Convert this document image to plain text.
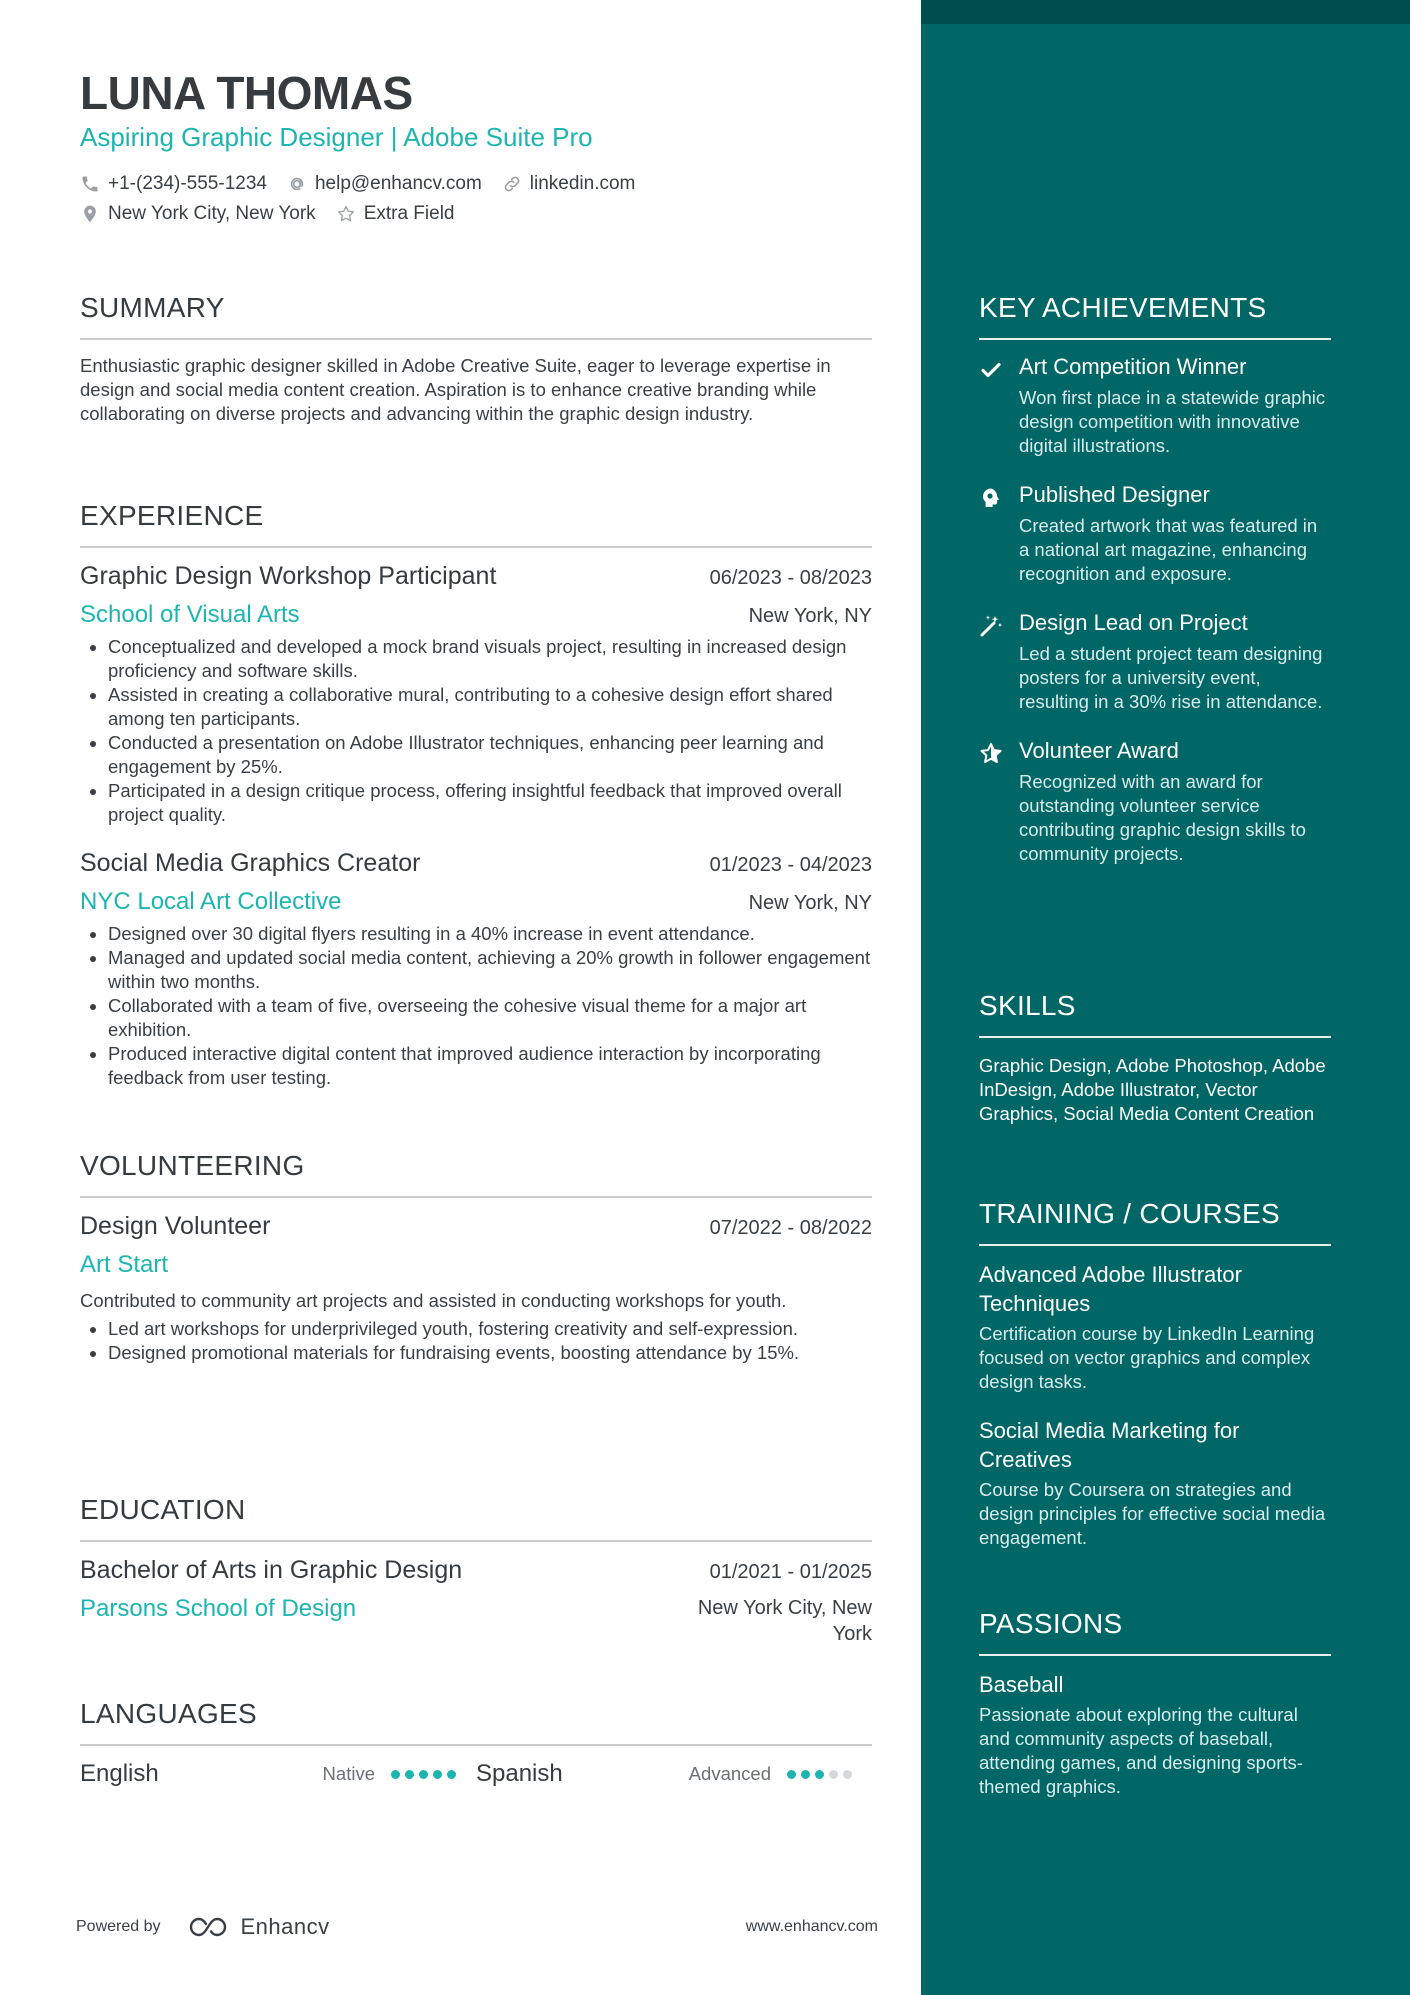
LUNA THOMAS
Aspiring Graphic Designer | Adobe Suite Pro
+1-(234)-555-1234	help@enhancv.com	linkedin.com
New York City, New York	Extra Field
SUMMARY
Enthusiastic graphic designer skilled in Adobe Creative Suite, eager to leverage expertise in design and social media content creation. Aspiration is to enhance creative branding while collaborating on diverse projects and advancing within the graphic design industry.
EXPERIENCE
Graphic Design Workshop Participant	06/2023 - 08/2023
School of Visual Arts	New York, NY
Conceptualized and developed a mock brand visuals project, resulting in increased design proficiency and software skills.
Assisted in creating a collaborative mural, contributing to a cohesive design effort shared among ten participants.
Conducted a presentation on Adobe Illustrator techniques, enhancing peer learning and engagement by 25%.
Participated in a design critique process, offering insightful feedback that improved overall project quality.
Social Media Graphics Creator	01/2023 - 04/2023
NYC Local Art Collective	New York, NY
Designed over 30 digital flyers resulting in a 40% increase in event attendance.
Managed and updated social media content, achieving a 20% growth in follower engagement within two months.
Collaborated with a team of five, overseeing the cohesive visual theme for a major art exhibition.
Produced interactive digital content that improved audience interaction by incorporating feedback from user testing.
VOLUNTEERING
Design Volunteer	07/2022 - 08/2022
Art Start
Contributed to community art projects and assisted in conducting workshops for youth.
Led art workshops for underprivileged youth, fostering creativity and self-expression.
Designed promotional materials for fundraising events, boosting attendance by 15%.
EDUCATION
Bachelor of Arts in Graphic Design	01/2021 - 01/2025
Parsons School of Design	New York City, New York
LANGUAGES
English	Native	Spanish	Advanced
Powered by	Enhancv	www.enhancv.com
KEY ACHIEVEMENTS
Art Competition Winner
Won first place in a statewide graphic design competition with innovative digital illustrations.
Published Designer
Created artwork that was featured in a national art magazine, enhancing recognition and exposure.
Design Lead on Project
Led a student project team designing posters for a university event, resulting in a 30% rise in attendance.
Volunteer Award
Recognized with an award for outstanding volunteer service contributing graphic design skills to community projects.
SKILLS
Graphic Design, Adobe Photoshop, Adobe InDesign, Adobe Illustrator, Vector Graphics, Social Media Content Creation
TRAINING / COURSES
Advanced Adobe Illustrator Techniques
Certification course by LinkedIn Learning focused on vector graphics and complex design tasks.
Social Media Marketing for Creatives
Course by Coursera on strategies and design principles for effective social media engagement.
PASSIONS
Baseball
Passionate about exploring the cultural and community aspects of baseball, attending games, and designing sports-themed graphics.
